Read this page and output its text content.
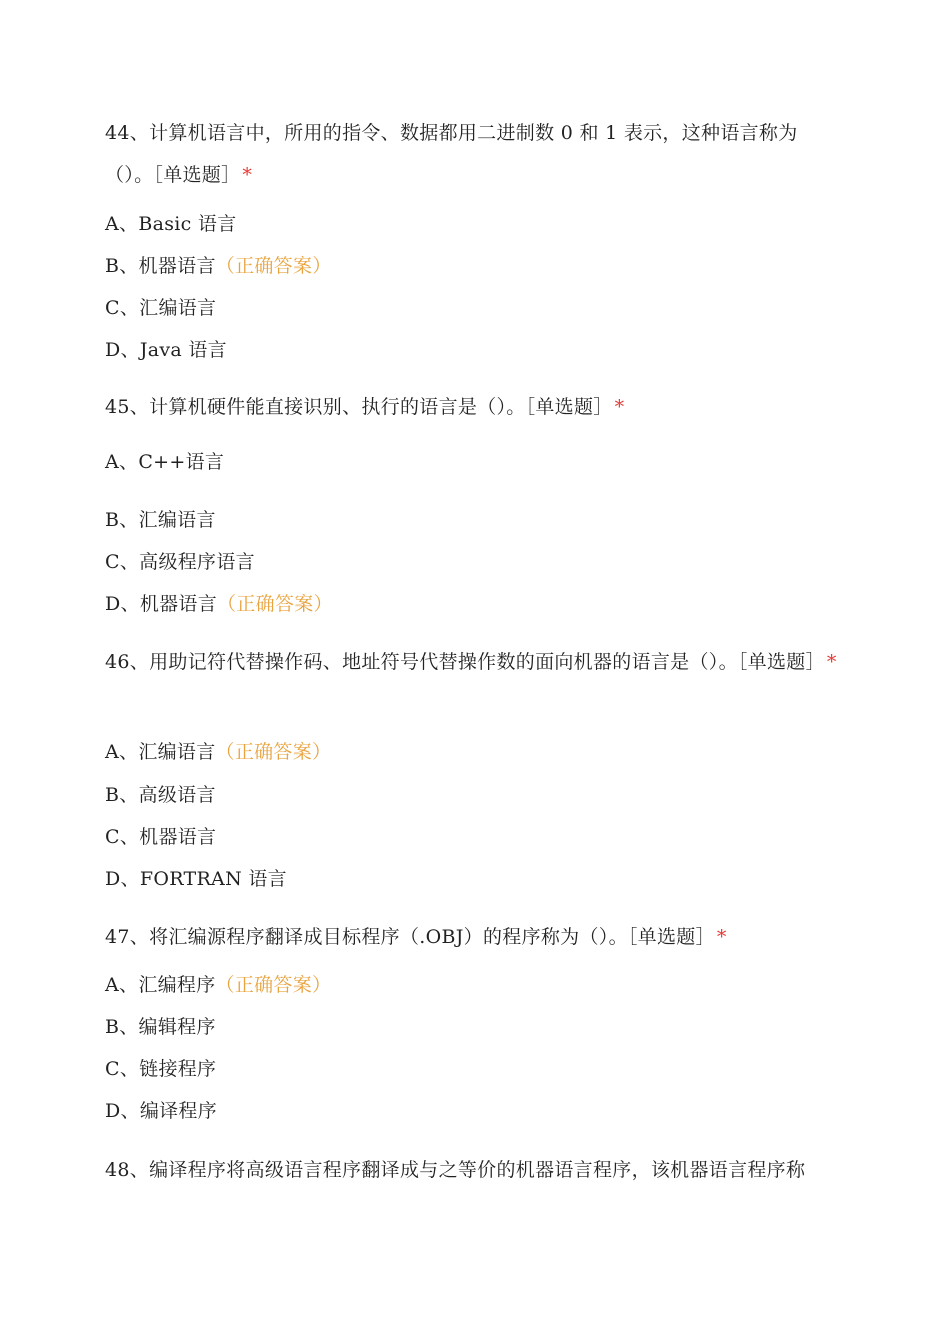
44、计算机语言中，所用的指令、数据都用二进制数 0 和 1 表示，这种语言称为（）。［单选题］ *
A、Basic 语言
B、机器语言（正确答案）
C、汇编语言
D、Java 语言
45、计算机硬件能直接识别、执行的语言是（）。［单选题］ *
A、C++语言
B、汇编语言
C、高级程序语言
D、机器语言（正确答案）
46、用助记符代替操作码、地址符号代替操作数的面向机器的语言是（）。［单选题］ *
A、汇编语言（正确答案）
B、高级语言
C、机器语言
D、FORTRAN 语言
47、将汇编源程序翻译成目标程序（.OBJ）的程序称为（）。［单选题］ *
A、汇编程序（正确答案）
B、编辑程序
C、链接程序
D、编译程序
48、编译程序将高级语言程序翻译成与之等价的机器语言程序，该机器语言程序称
